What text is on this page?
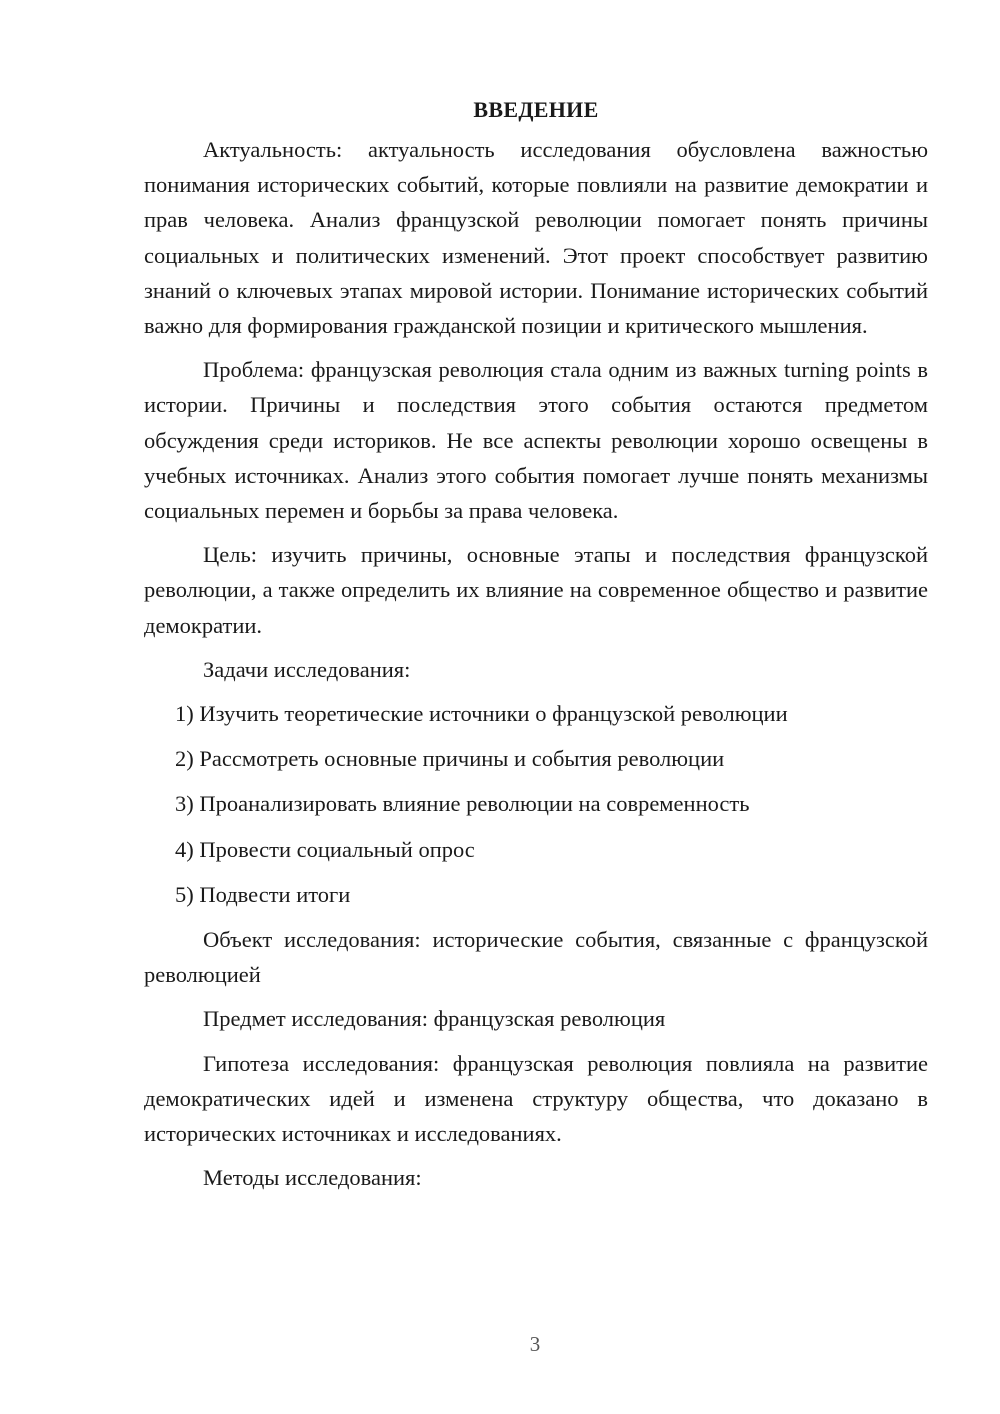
ВВЕДЕНИЕ

Актуальность: актуальность исследования обусловлена важностью понимания исторических событий, которые повлияли на развитие демократии и прав человека. Анализ французской революции помогает понять причины социальных и политических изменений. Этот проект способствует развитию знаний о ключевых этапах мировой истории. Понимание исторических событий важно для формирования гражданской позиции и критического мышления.

Проблема: французская революция стала одним из важных turning points в истории. Причины и последствия этого события остаются предметом обсуждения среди историков. Не все аспекты революции хорошо освещены в учебных источниках. Анализ этого события помогает лучше понять механизмы социальных перемен и борьбы за права человека.

Цель: изучить причины, основные этапы и последствия французской революции, а также определить их влияние на современное общество и развитие демократии.

Задачи исследования:

1) Изучить теоретические источники о французской революции

2) Рассмотреть основные причины и события революции

3) Проанализировать влияние революции на современность

4) Провести социальный опрос

5) Подвести итоги

Объект исследования: исторические события, связанные с французской революцией

Предмет исследования: французская революция

Гипотеза исследования: французская революция повлияла на развитие демократических идей и изменена структуру общества, что доказано в исторических источниках и исследованиях.

Методы исследования:

3
